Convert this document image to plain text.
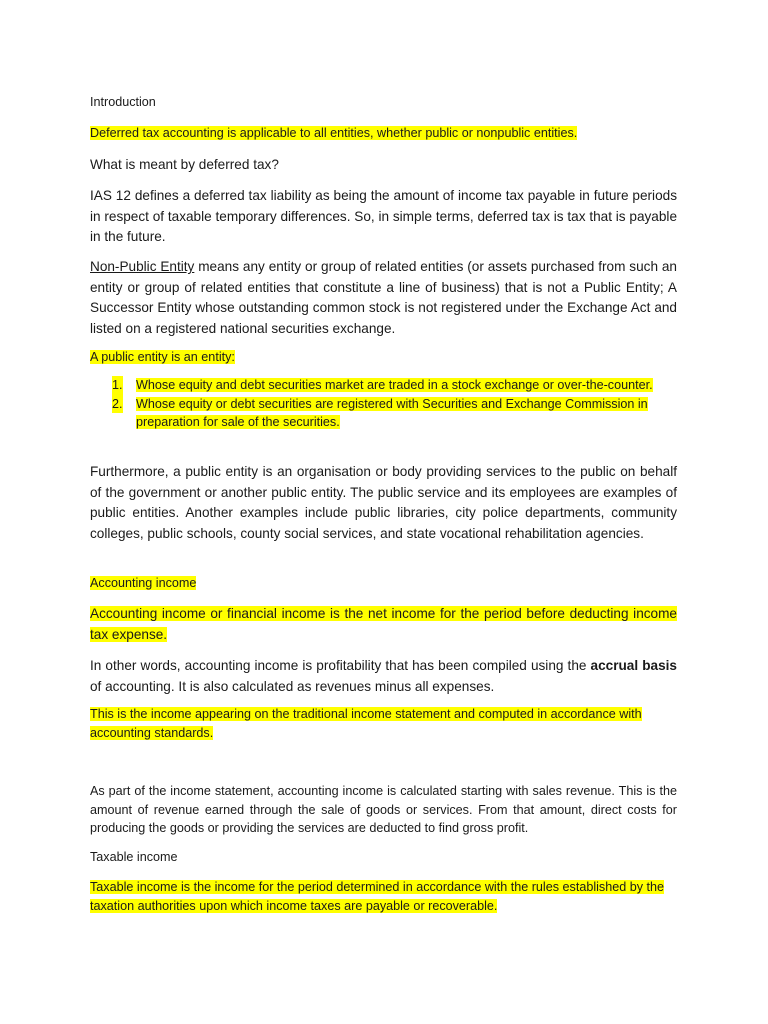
Introduction

Deferred tax accounting is applicable to all entities, whether public or nonpublic entities.

What is meant by deferred tax?

IAS 12 defines a deferred tax liability as being the amount of income tax payable in future periods in respect of taxable temporary differences. So, in simple terms, deferred tax is tax that is payable in the future.

Non-Public Entity means any entity or group of related entities (or assets purchased from such an entity or group of related entities that constitute a line of business) that is not a Public Entity; A Successor Entity whose outstanding common stock is not registered under the Exchange Act and listed on a registered national securities exchange.

A public entity is an entity:

1. Whose equity and debt securities market are traded in a stock exchange or over-the-counter.
2. Whose equity or debt securities are registered with Securities and Exchange Commission in preparation for sale of the securities.

Furthermore, a public entity is an organisation or body providing services to the public on behalf of the government or another public entity. The public service and its employees are examples of public entities. Another examples include public libraries, city police departments, community colleges, public schools, county social services, and state vocational rehabilitation agencies.

Accounting income

Accounting income or financial income is the net income for the period before deducting income tax expense.

In other words, accounting income is profitability that has been compiled using the accrual basis of accounting. It is also calculated as revenues minus all expenses.

This is the income appearing on the traditional income statement and computed in accordance with accounting standards.

As part of the income statement, accounting income is calculated starting with sales revenue. This is the amount of revenue earned through the sale of goods or services. From that amount, direct costs for producing the goods or providing the services are deducted to find gross profit.

Taxable income

Taxable income is the income for the period determined in accordance with the rules established by the taxation authorities upon which income taxes are payable or recoverable.
